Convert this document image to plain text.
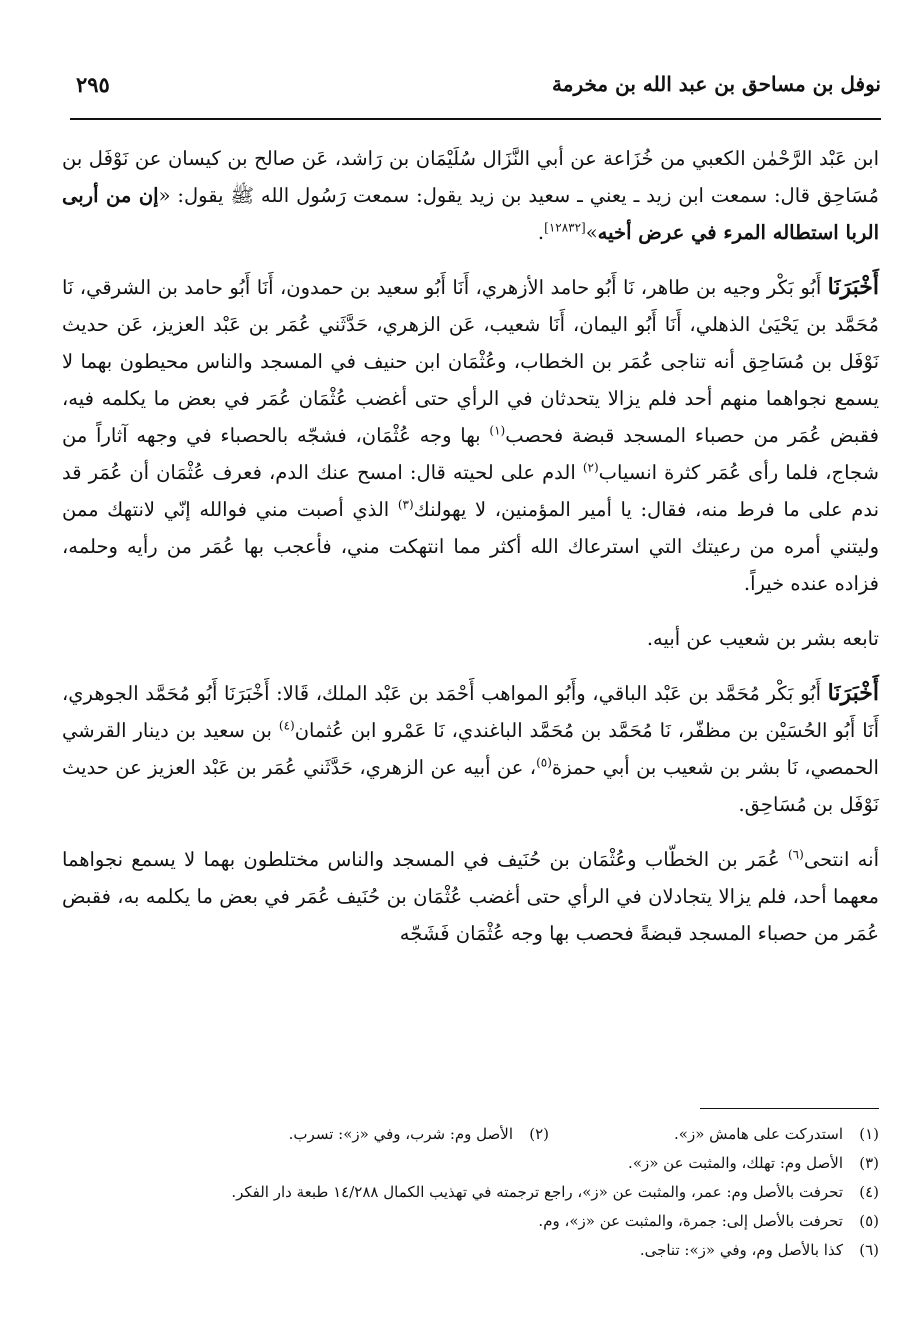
نوفل بن مساحق بن عبد الله بن مخرمة
٢٩٥

ابن عَبْد الرَّحْمٰن الكعبي من خُزَاعة عن أبي النَّزَال سُلَيْمَان بن رَاشد، عَن صالح بن كيسان عن نَوْفَل بن مُسَاحِق قال: سمعت ابن زيد ـ يعني ـ سعيد بن زيد يقول: سمعت رَسُول الله ﷺ يقول: «إن من أربى الربا استطاله المرء في عرض أخيه»[١٢٨٣٢].

أَخْبَرَنَا أَبُو بَكْر وجيه بن طاهر، نَا أَبُو حامد الأزهري، أَنَا أَبُو سعيد بن حمدون، أَنَا أَبُو حامد بن الشرقي، نَا مُحَمَّد بن يَحْيَىٰ الذهلي، أَنَا أَبُو اليمان، أَنَا شعيب، عَن الزهري، حَدَّثَني عُمَر بن عَبْد العزيز، عَن حديث نَوْفَل بن مُسَاحِق أنه تناجى عُمَر بن الخطاب، وعُثْمَان ابن حنيف في المسجد والناس محيطون بهما لا يسمع نجواهما منهم أحد فلم يزالا يتحدثان في الرأي حتى أغضب عُثْمَان عُمَر في بعض ما يكلمه فيه، فقبض عُمَر من حصباء المسجد قبضة فحصب$^{(١)}$ بها وجه عُثْمَان، فشجّه بالحصباء في وجهه آثاراً من شجاج، فلما رأى عُمَر كثرة انسياب$^{(٢)}$ الدم على لحيته قال: امسح عنك الدم، فعرف عُثْمَان أن عُمَر قد ندم على ما فرط منه، فقال: يا أمير المؤمنين، لا يهولنك$^{(٣)}$ الذي أصبت مني فوالله إنّي لانتهك ممن وليتني أمره من رعيتك التي استرعاك الله أكثر مما انتهكت مني، فأعجب بها عُمَر من رأيه وحلمه، فزاده عنده خيراً.

تابعه بشر بن شعيب عن أبيه.

أَخْبَرَنَا أَبُو بَكْر مُحَمَّد بن عَبْد الباقي، وأَبُو المواهب أَحْمَد بن عَبْد الملك، قَالا: أَخْبَرَنَا أَبُو مُحَمَّد الجوهري، أَنَا أَبُو الحُسَيْن بن مظفّر، نَا مُحَمَّد بن مُحَمَّد الباغندي، نَا عَمْرو ابن عُثمان$^{(٤)}$ بن سعيد بن دينار القرشي الحمصي، نَا بشر بن شعيب بن أبي حمزة$^{(٥)}$، عن أبيه عن الزهري، حَدَّثَني عُمَر بن عَبْد العزيز عن حديث نَوْفَل بن مُسَاحِق.

أنه انتحى$^{(٦)}$ عُمَر بن الخطّاب وعُثْمَان بن حُنَيف في المسجد والناس مختلطون بهما لا يسمع نجواهما معهما أحد، فلم يزالا يتجادلان في الرأي حتى أغضب عُثْمَان بن حُنَيف عُمَر في بعض ما يكلمه به، فقبض عُمَر من حصباء المسجد قبضةً فحصب بها وجه عُثْمَان فَشَجّه

(١)استدركت على هامش «ز».
(٢)الأصل وم: شرب، وفي «ز»: تسرب.
(٣)الأصل وم: تهلك، والمثبت عن «ز».
(٤)تحرفت بالأصل وم: عمر، والمثبت عن «ز»، راجع ترجمته في تهذيب الكمال ١٤/٢٨٨ طبعة دار الفكر.
(٥)تحرفت بالأصل إلى: جمرة، والمثبت عن «ز»، وم.
(٦)كذا بالأصل وم، وفي «ز»: تناجى.
